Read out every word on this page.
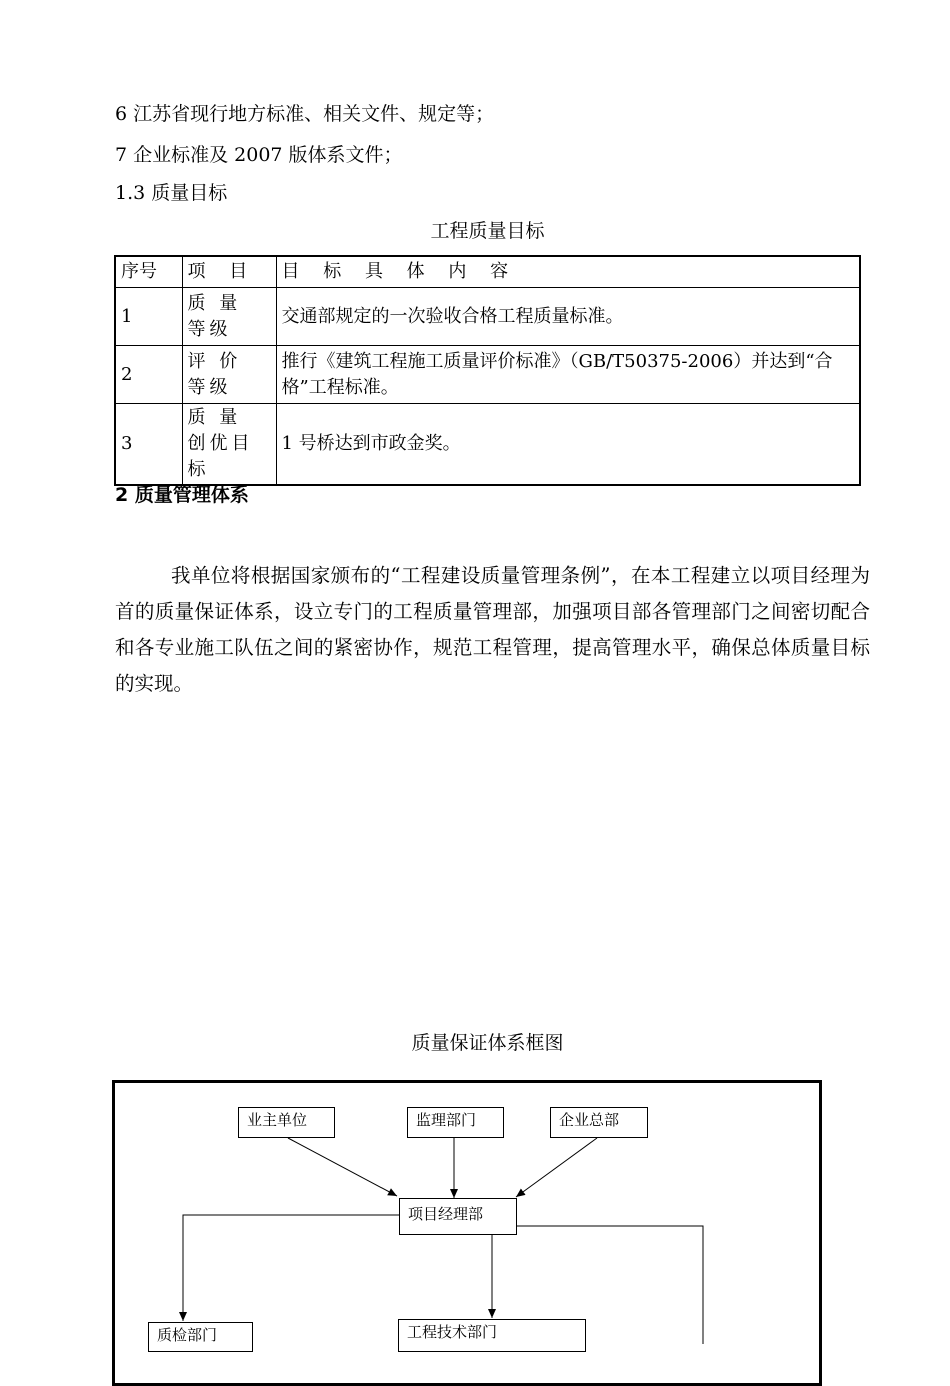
6 江苏省现行地方标准、相关文件、规定等；
7 企业标准及 2007 版体系文件；
1.3 质量目标
工程质量目标
序号	项 目	目 标 具 体 内 容
1	质 量 等级	交通部规定的一次验收合格工程质量标准。
2	评 价 等级	推行《建筑工程施工质量评价标准》（GB/T50375-2006）并达到“合格”工程标准。
3	质 量 创优目标	1 号桥达到市政金奖。
2 质量管理体系
我单位将根据国家颁布的“工程建设质量管理条例”，在本工程建立以项目经理为首的质量保证体系，设立专门的工程质量管理部，加强项目部各管理部门之间密切配合和各专业施工队伍之间的紧密协作，规范工程管理，提高管理水平，确保总体质量目标的实现。
质量保证体系框图
业主单位	监理部门	企业总部
项目经理部
质检部门	工程技术部门
